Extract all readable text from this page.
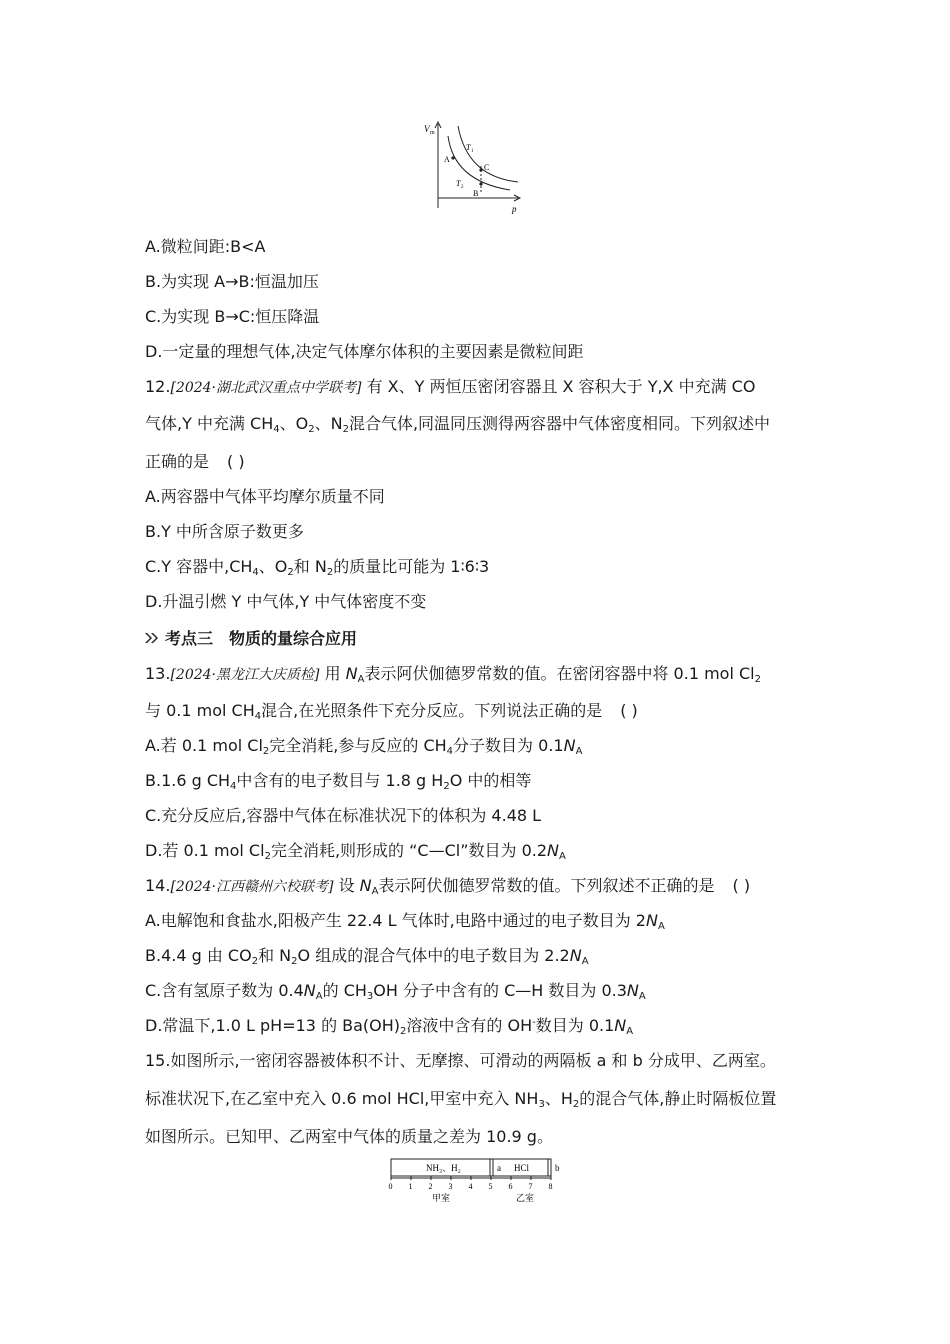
V m
p
T 1
T 2
A
B
C
A.微粒间距:B<A
B.为实现 A→B:恒温加压
C.为实现 B→C:恒压降温
D.一定量的理想气体,决定气体摩尔体积的主要因素是微粒间距
12.[2024·湖北武汉重点中学联考] 有 X、Y 两恒压密闭容器且 X 容积大于 Y,X 中充满 CO
气体,Y 中充满 $CH_4$、$O_2$、$N_2$混合气体,同温同压测得两容器中气体密度相同。下列叙述中
正确的是 ( )
A.两容器中气体平均摩尔质量不同
B.Y 中所含原子数更多
C.Y 容器中$,CH_4$、$O_2$和 $N_2$的质量比可能为 1∶6∶3
D.升温引燃 Y 中气体,Y 中气体密度不变
考点三　物质的量综合应用
13.[2024·黑龙江大庆质检] 用 $N_A$表示阿伏伽德罗常数的值。在密闭容器中将 0.1 mol $Cl_2$
与 0.1 mol $CH_4$混合,在光照条件下充分反应。下列说法正确的是 ( )
A.若 0.1 mol $Cl_2$完全消耗,参与反应的 $CH_4$分子数目为 $0.1N_A$
B.1.6 g $CH_4$中含有的电子数目与 1.8 g $H_2O$ 中的相等
C.充分反应后,容器中气体在标准状况下的体积为 4.48 L
D.若 0.1 mol $Cl_2$完全消耗,则形成的 “C—Cl”数目为 $0.2N_A$
14.[2024·江西赣州六校联考] 设 $N_A$表示阿伏伽德罗常数的值。下列叙述不正确的是 ( )
A.电解饱和食盐水,阳极产生 22.4 L 气体时,电路中通过的电子数目为 $2N_A$
B.4.4 g 由 $CO_2$和 $N_2O$ 组成的混合气体中的电子数目为 $2.2N_A$
C.含有氢原子数为 $0.4N_A$的 $CH_3OH$ 分子中含有的 C—H 数目为 $0.3N_A$
D.常温下,1.0 L pH=13 的 $Ba(OH)_2$溶液中含有的 OH-数目为 $0.1N_A$
15.如图所示,一密闭容器被体积不计、无摩擦、可滑动的两隔板 a 和 b 分成甲、乙两室。
标准状况下,在乙室中充入 0.6 mol HCl,甲室中充入 $NH_3$、$H_2$的混合气体,静止时隔板位置
如图所示。已知甲、乙两室中气体的质量之差为 10.9 g。
NH₃、H₂	HCl
a	b
0 1 2 3 4 5 6 7 8
甲室	乙室
